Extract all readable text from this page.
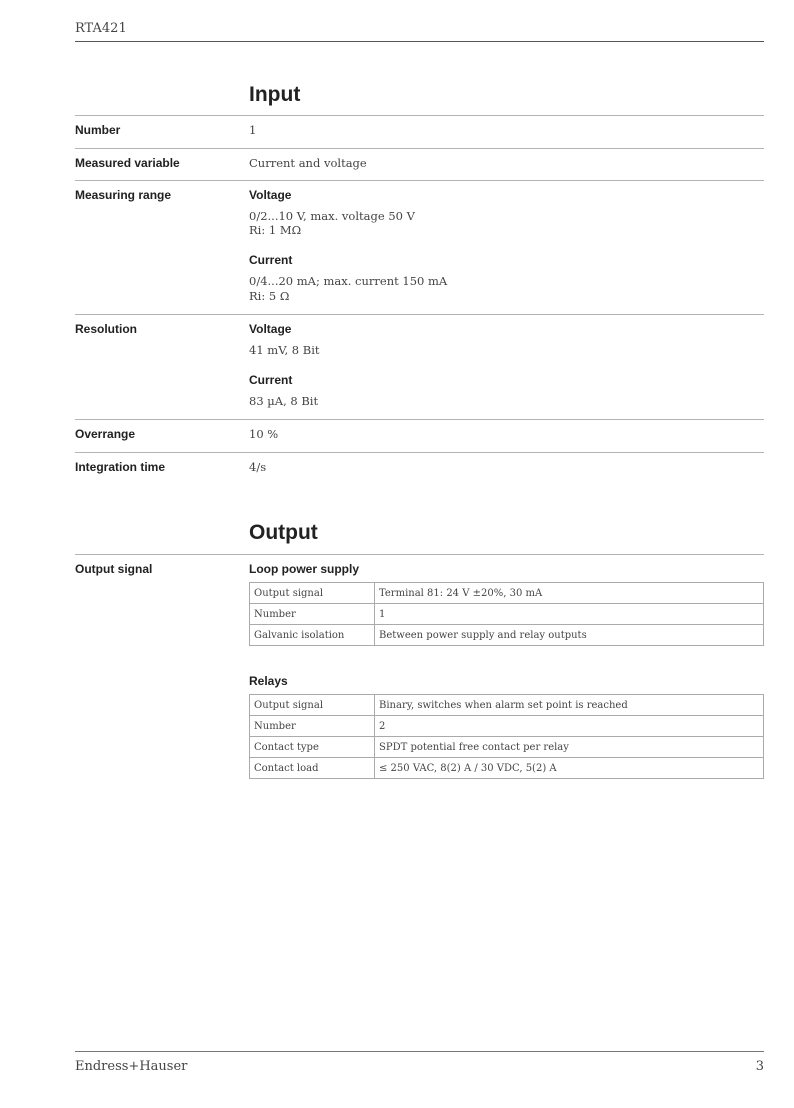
RTA421
Input
Number	1
Measured variable	Current and voltage
Measuring range	Voltage
0/2...10 V, max. voltage 50 V
Ri: 1 MΩ
Current
0/4...20 mA; max. current 150 mA
Ri: 5 Ω
Resolution	Voltage
41 mV, 8 Bit
Current
83 µA, 8 Bit
Overrange	10 %
Integration time	4/s
Output
Output signal	Loop power supply
Output signal	Terminal 81: 24 V ±20%, 30 mA
Number	1
Galvanic isolation	Between power supply and relay outputs
Relays
Output signal	Binary, switches when alarm set point is reached
Number	2
Contact type	SPDT potential free contact per relay
Contact load	≤ 250 VAC, 8(2) A / 30 VDC, 5(2) A
Endress+Hauser	3
